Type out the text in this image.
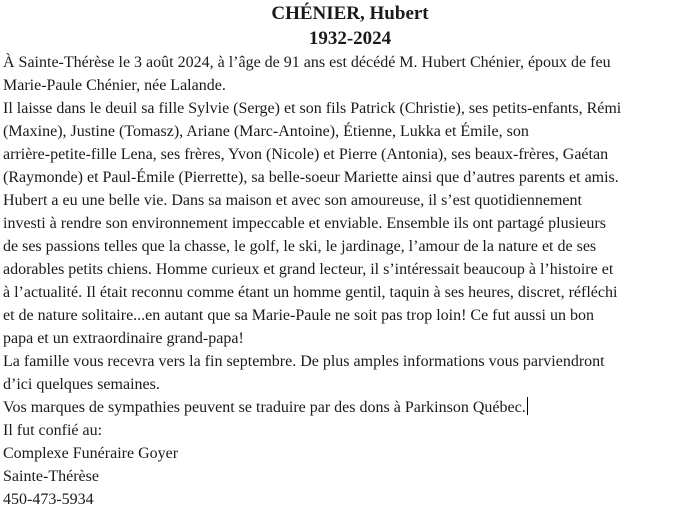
CHÉNIER, Hubert

1932-2024

À Sainte-Thérèse le 3 août 2024, à l’âge de 91 ans est décédé M. Hubert Chénier, époux de feu
Marie-Paule Chénier, née Lalande.
Il laisse dans le deuil sa fille Sylvie (Serge) et son fils Patrick (Christie), ses petits-enfants, Rémi
(Maxine), Justine (Tomasz), Ariane (Marc-Antoine), Étienne, Lukka et Émile, son
arrière-petite-fille Lena, ses frères, Yvon (Nicole) et Pierre (Antonia), ses beaux-frères, Gaétan
(Raymonde) et Paul-Émile (Pierrette), sa belle-soeur Mariette ainsi que d’autres parents et amis.
Hubert a eu une belle vie. Dans sa maison et avec son amoureuse, il s’est quotidiennement
investi à rendre son environnement impeccable et enviable. Ensemble ils ont partagé plusieurs
de ses passions telles que la chasse, le golf, le ski, le jardinage, l’amour de la nature et de ses
adorables petits chiens. Homme curieux et grand lecteur, il s’intéressait beaucoup à l’histoire et
à l’actualité. Il était reconnu comme étant un homme gentil, taquin à ses heures, discret, réfléchi
et de nature solitaire...en autant que sa Marie-Paule ne soit pas trop loin! Ce fut aussi un bon
papa et un extraordinaire grand-papa!
La famille vous recevra vers la fin septembre. De plus amples informations vous parviendront
d’ici quelques semaines.
Vos marques de sympathies peuvent se traduire par des dons à Parkinson Québec.
Il fut confié au:
Complexe Funéraire Goyer
Sainte-Thérèse
450-473-5934
